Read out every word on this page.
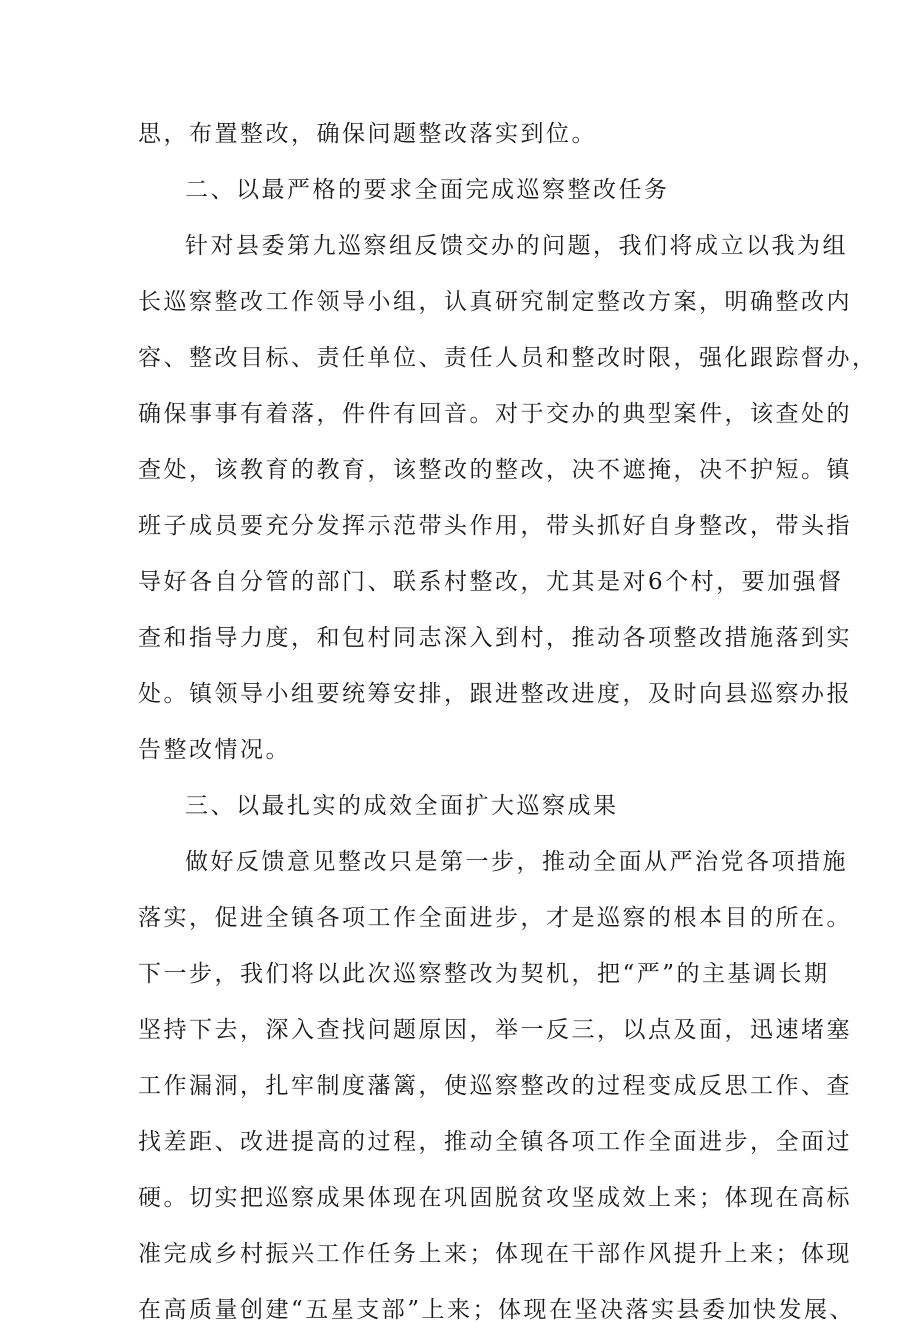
思，布置整改，确保问题整改落实到位。
二、以最严格的要求全面完成巡察整改任务
针对县委第九巡察组反馈交办的问题，我们将成立以我为组
长巡察整改工作领导小组，认真研究制定整改方案，明确整改内
容、整改目标、责任单位、责任人员和整改时限，强化跟踪督办，
确保事事有着落，件件有回音。对于交办的典型案件，该查处的
查处，该教育的教育，该整改的整改，决不遮掩，决不护短。镇
班子成员要充分发挥示范带头作用，带头抓好自身整改，带头指
导好各自分管的部门、联系村整改，尤其是对6个村，要加强督
查和指导力度，和包村同志深入到村，推动各项整改措施落到实
处。镇领导小组要统筹安排，跟进整改进度，及时向县巡察办报
告整改情况。
三、以最扎实的成效全面扩大巡察成果
做好反馈意见整改只是第一步，推动全面从严治党各项措施
落实，促进全镇各项工作全面进步，才是巡察的根本目的所在。
下一步，我们将以此次巡察整改为契机，把“严”的主基调长期
坚持下去，深入查找问题原因，举一反三，以点及面，迅速堵塞
工作漏洞，扎牢制度藩篱，使巡察整改的过程变成反思工作、查
找差距、改进提高的过程，推动全镇各项工作全面进步，全面过
硬。切实把巡察成果体现在巩固脱贫攻坚成效上来；体现在高标
准完成乡村振兴工作任务上来；体现在干部作风提升上来；体现
在高质量创建“五星支部”上来；体现在坚决落实县委加快发展、
